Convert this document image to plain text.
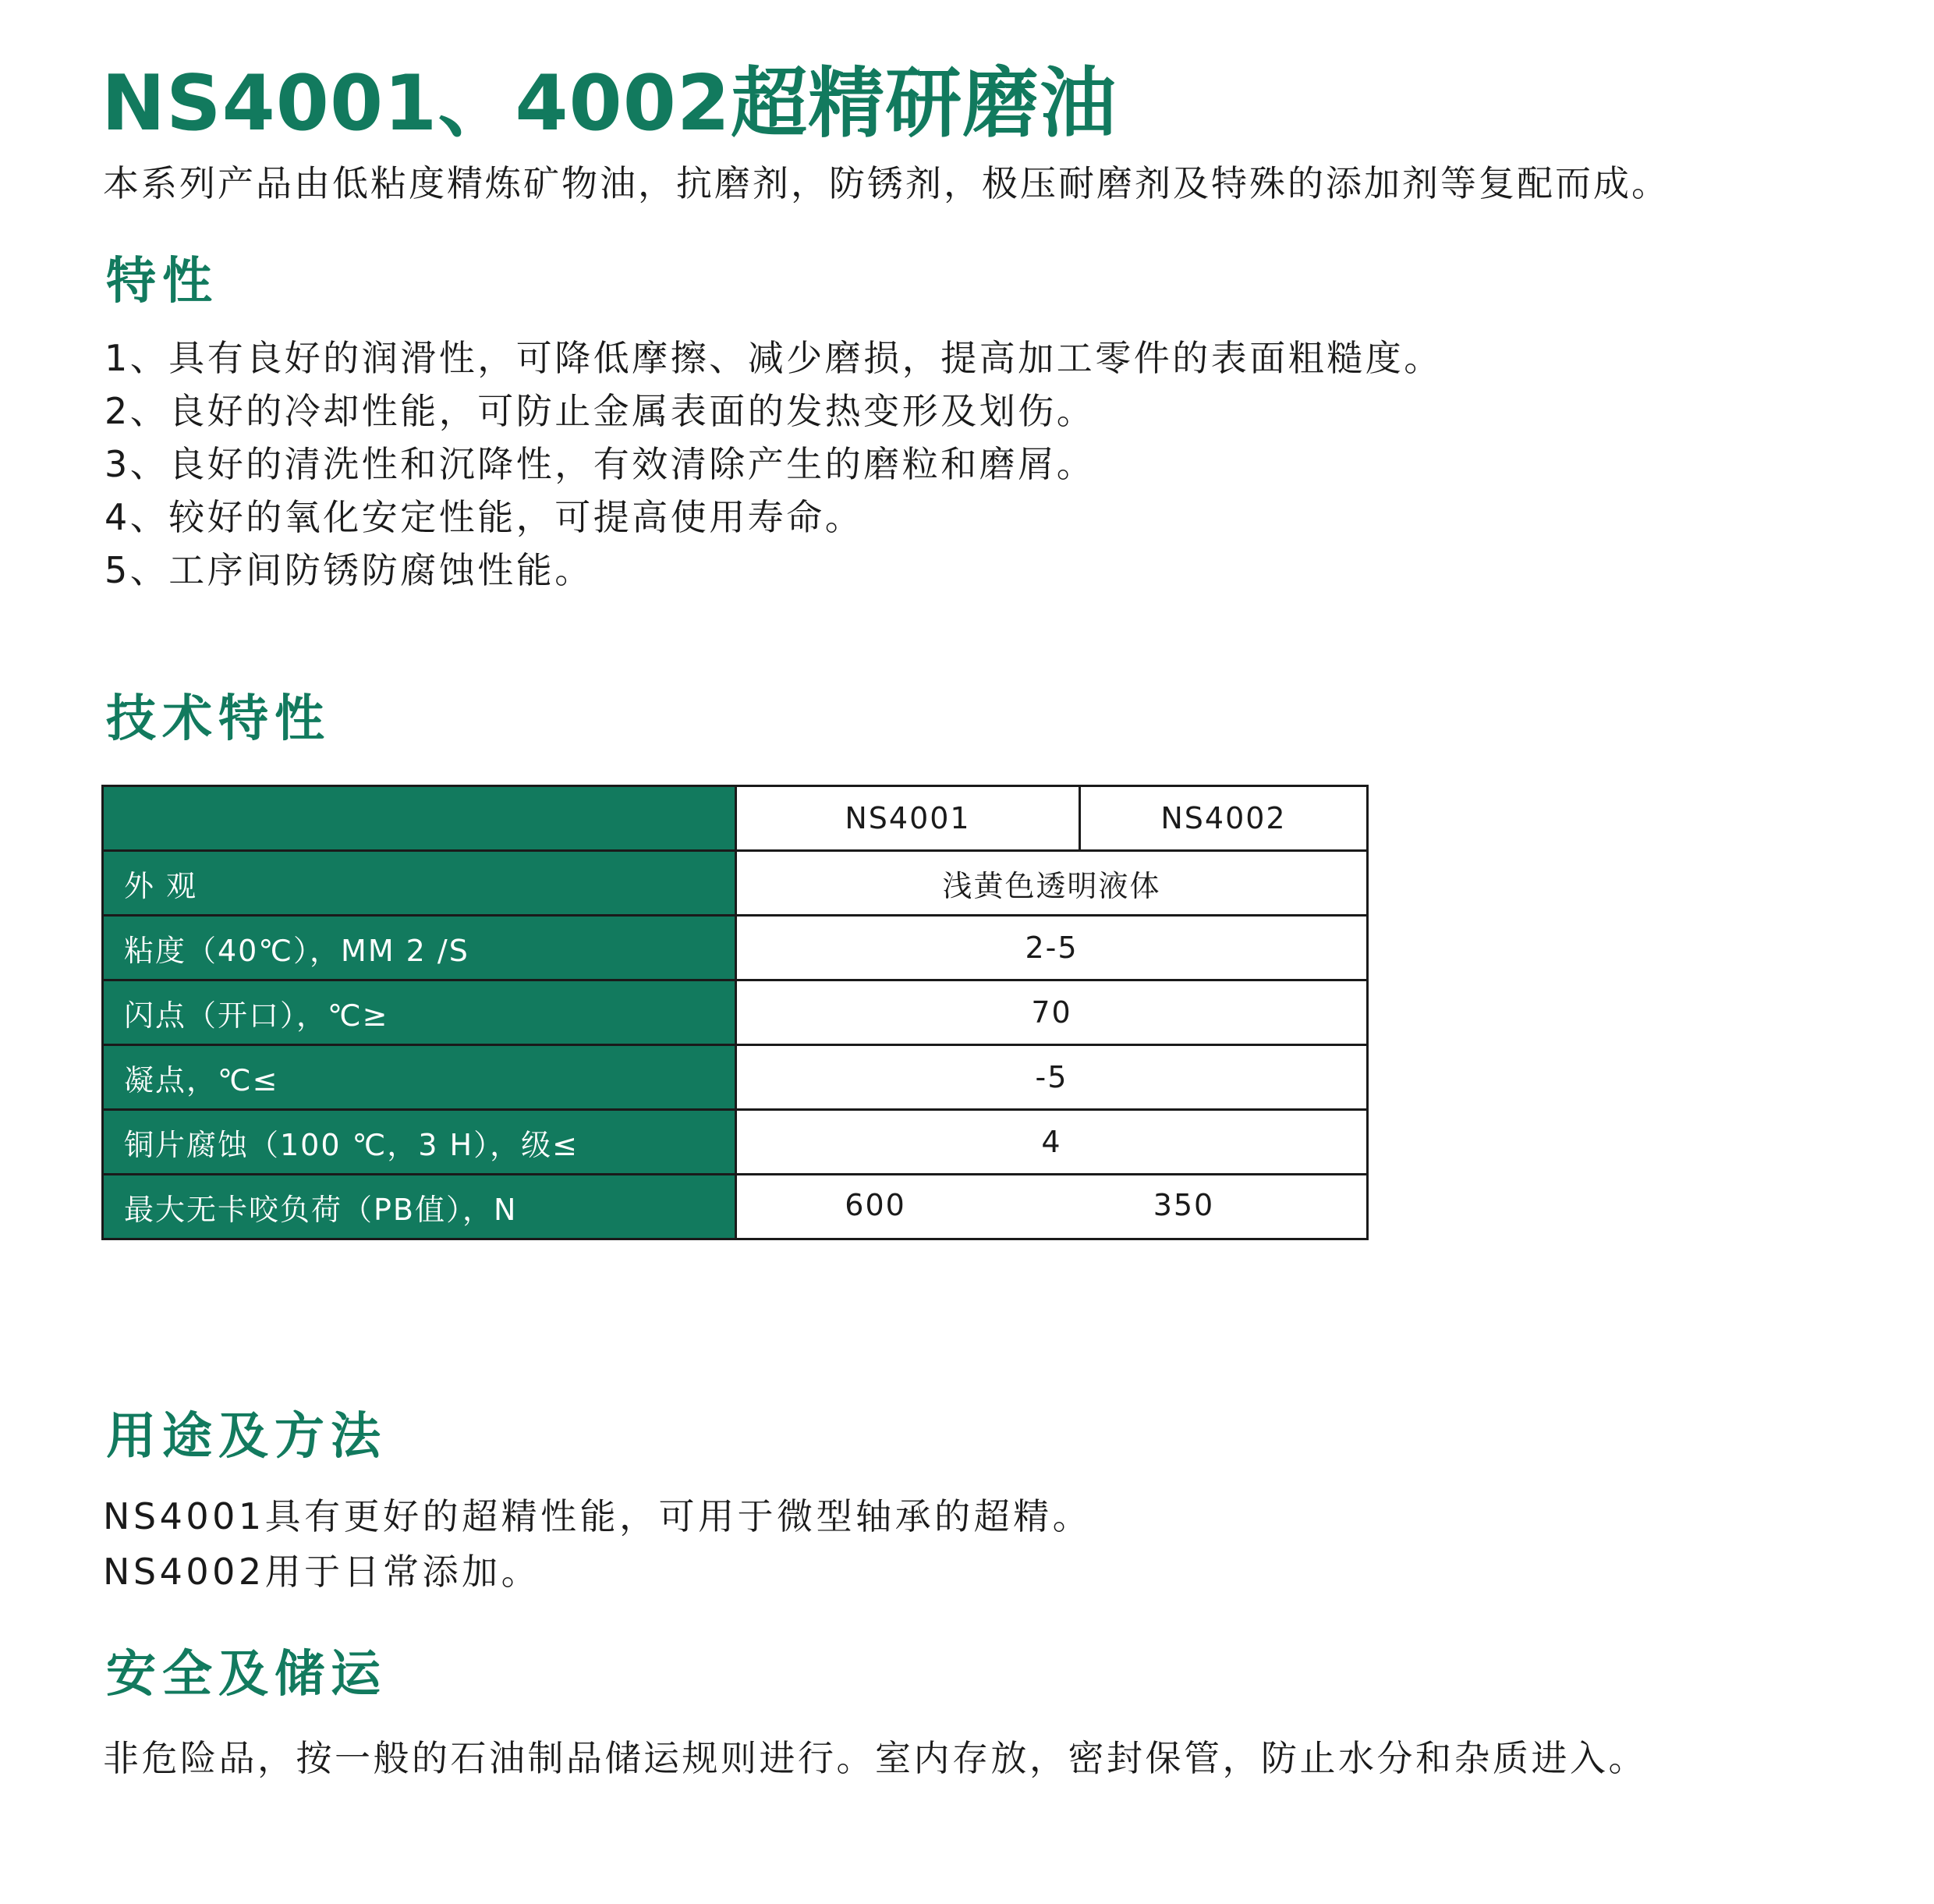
NS4001、4002超精研磨油

本系列产品由低粘度精炼矿物油，抗磨剂，防锈剂，极压耐磨剂及特殊的添加剂等复配而成。

特性
1、具有良好的润滑性，可降低摩擦、减少磨损，提高加工零件的表面粗糙度。
2、良好的冷却性能，可防止金属表面的发热变形及划伤。
3、良好的清洗性和沉降性，有效清除产生的磨粒和磨屑。
4、较好的氧化安定性能，可提高使用寿命。
5、工序间防锈防腐蚀性能。
技术特性
	NS4001	NS4002
外 观	浅黄色透明液体	
粘度（40℃），MM 2 /S	2-5	
闪点（开口），℃≥	70	
凝点，℃≤	-5	
铜片腐蚀（100 ℃，3 H），级≤	4	
最大无卡咬负荷（PB值），N	600 350	
用途及方法

NS4001具有更好的超精性能，可用于微型轴承的超精。

NS4002用于日常添加。

安全及储运

非危险品，按一般的石油制品储运规则进行。室内存放，密封保管，防止水分和杂质进入。
